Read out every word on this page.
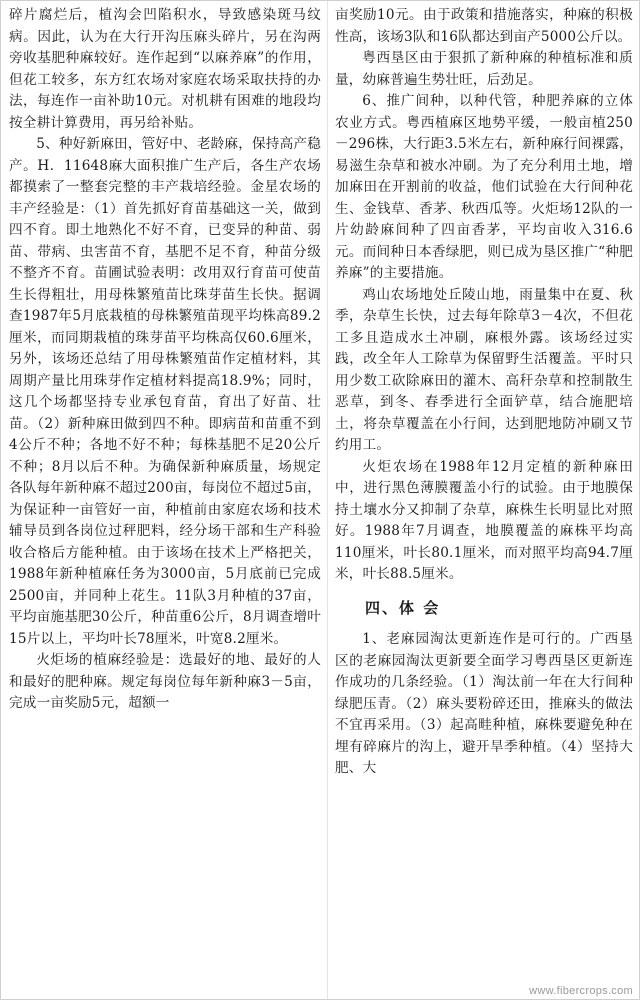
碎片腐烂后，植沟会凹陷积水，导致感染斑马纹病。因此，认为在大行开沟压麻头碎片，另在沟两旁收基肥种麻较好。连作起到“以麻养麻”的作用，但花工较多，东方红农场对家庭农场采取扶持的办法，每连作一亩补助10元。对机耕有困难的地段均按全耕计算费用，再另给补贴。

5、种好新麻田，管好中、老龄麻，保持高产稳产。H．11648麻大面积推广生产后，各生产农场都摸索了一整套完整的丰产栽培经验。金星农场的丰产经验是：（1）首先抓好育苗基础这一关，做到四不育。即土地熟化不好不育，已变异的种苗、弱苗、带病、虫害苗不育，基肥不足不育，种苗分级不整齐不育。苗圃试验表明：改用双行育苗可使苗生长得粗壮，用母株繁殖苗比珠芽苗生长快。据调查1987年5月底栽植的母株繁殖苗现平均株高89.2厘米，而同期栽植的珠芽苗平均株高仅60.6厘米，另外，该场还总结了用母株繁殖苗作定植材料，其周期产量比用珠芽作定植材料提高18.9%；同时，这几个场都坚持专业承包育苗，育出了好苗、壮苗。（2）新种麻田做到四不种。即病苗和苗重不到4公斤不种；各地不好不种；每株基肥不足20公斤不种；8月以后不种。为确保新种麻质量，场规定各队每年新种麻不超过200亩，每岗位不超过5亩，为保证种一亩管好一亩，种植前由家庭农场和技术辅导员到各岗位过秤肥料，经分场干部和生产科验收合格后方能种植。由于该场在技术上严格把关，1988年新种植麻任务为3000亩，5月底前已完成2500亩，并同种上花生。11队3月种植的37亩，平均亩施基肥30公斤，种苗重6公斤，8月调查增叶15片以上，平均叶长78厘米，叶宽8.2厘米。

火炬场的植麻经验是：选最好的地、最好的人和最好的肥种麻。规定每岗位每年新种麻3－5亩，完成一亩奖励5元，超额一

亩奖励10元。由于政策和措施落实，种麻的积极性高，该场3队和16队都达到亩产5000公斤以。

粤西垦区由于狠抓了新种麻的种植标准和质量，幼麻普遍生势壮旺，后劲足。

6、推广间种，以种代管，种肥养麻的立体农业方式。粤西植麻区地势平缓，一般亩植250－296株，大行距3.5米左右，新种麻行间裸露，易滋生杂草和被水冲刷。为了充分利用土地，增加麻田在开割前的收益，他们试验在大行间种花生、金钱草、香茅、秋西瓜等。火炬场12队的一片幼龄麻间种了四亩香茅，平均亩收入316.6元。而间种日本香绿肥，则已成为垦区推广“种肥养麻”的主要措施。

鸡山农场地处丘陵山地，雨量集中在夏、秋季，杂草生长快，过去每年除草3－4次，不但花工多且造成水土冲刷，麻根外露。该场经过实践，改全年人工除草为保留野生活覆盖。平时只用少数工砍除麻田的灌木、高秆杂草和控制散生恶草，到冬、春季进行全面铲草，结合施肥培土，将杂草覆盖在小行间，达到肥地防冲刷又节约用工。

火炬农场在1988年12月定植的新种麻田中，进行黑色薄膜覆盖小行的试验。由于地膜保持土壤水分又抑制了杂草，麻株生长明显比对照好。1988年7月调查，地膜覆盖的麻株平均高110厘米，叶长80.1厘米，而对照平均高94.7厘米，叶长88.5厘米。

四、体 会

1、老麻园淘汰更新连作是可行的。广西垦区的老麻园淘汰更新要全面学习粤西垦区更新连作成功的几条经验。（1）淘汰前一年在大行间种绿肥压青。（2）麻头要粉碎还田，推麻头的做法不宜再采用。（3）起高畦种植，麻株要避免种在埋有碎麻片的沟上，避开旱季种植。（4）坚持大肥、大

www.fibercrops.com
